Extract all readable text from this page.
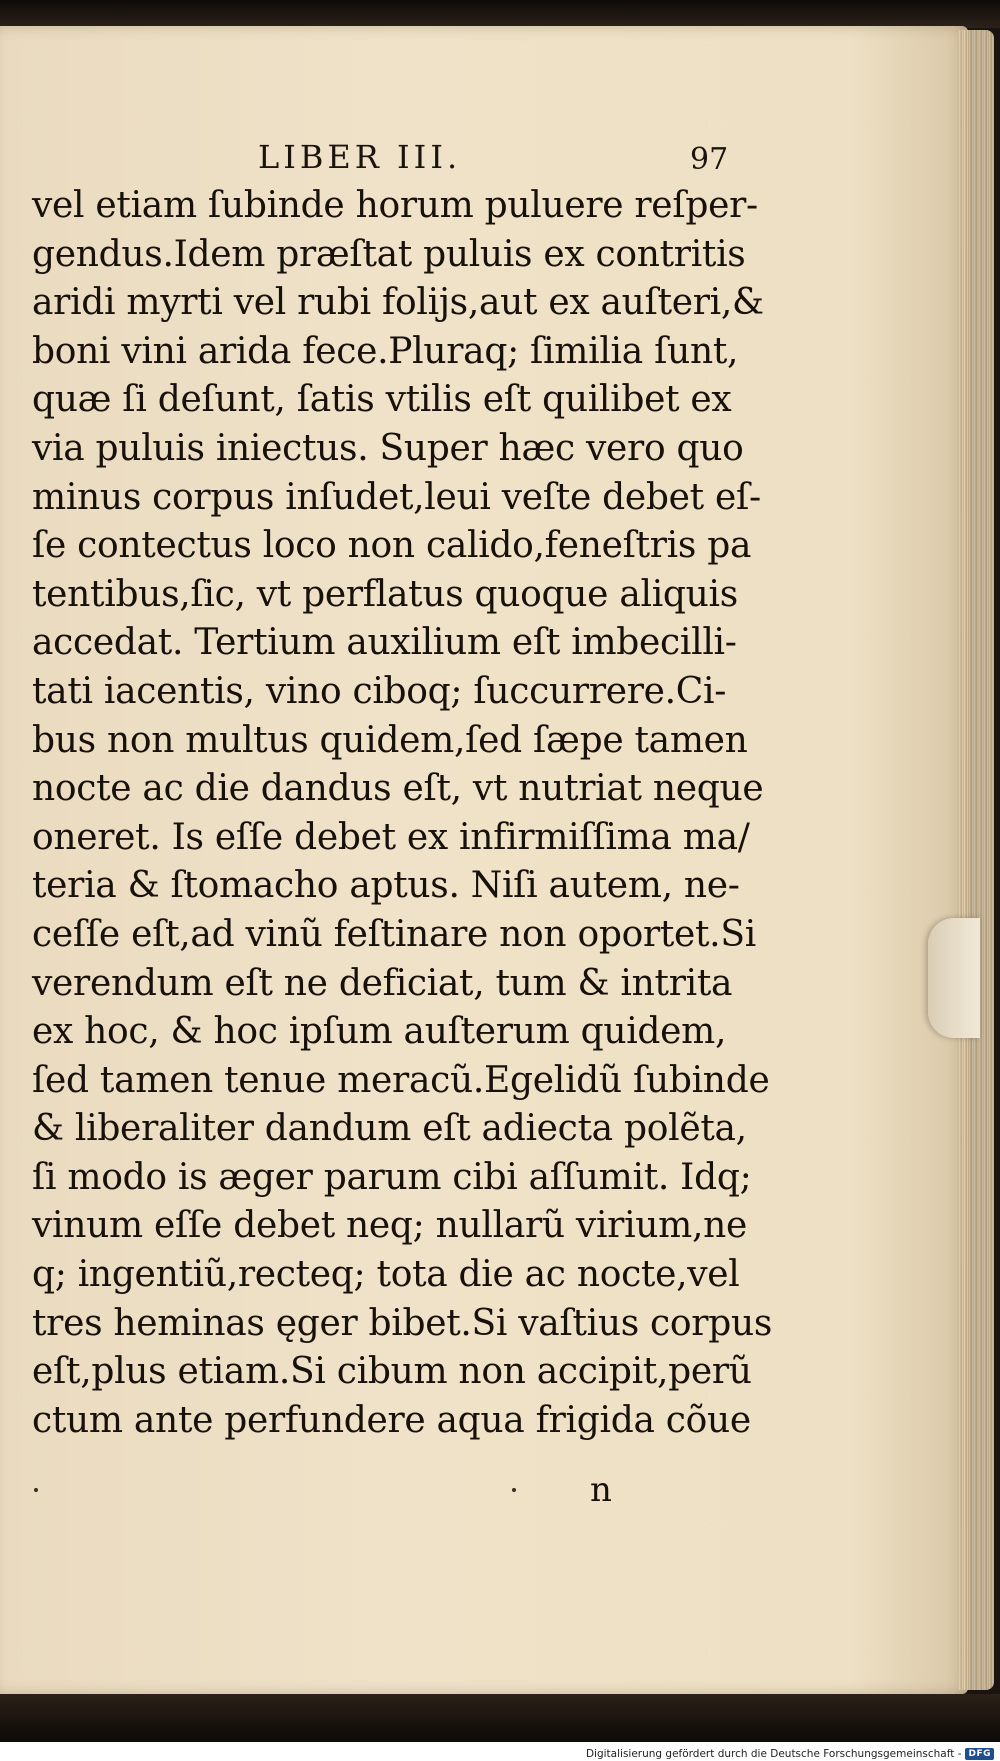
LIBER III.	97
vel etiam ſubinde horum puluere reſper-
gendus.Idem præſtat puluis ex contritis
aridi myrti vel rubi folijs,aut ex auſteri,&
boni vini arida fece.Pluraq; ſimilia ſunt,
quæ ſi deſunt, ſatis vtilis eſt quilibet ex
via puluis iniectus. Super hæc vero quo
minus corpus inſudet,leui veſte debet eſ-
ſe contectus loco non calido,feneſtris pa
tentibus,ſic, vt perflatus quoque aliquis
accedat. Tertium auxilium eſt imbecilli-
tati iacentis, vino ciboq; ſuccurrere.Ci-
bus non multus quidem,ſed ſæpe tamen
nocte ac die dandus eſt, vt nutriat neque
oneret. Is eſſe debet ex infirmiſſima ma/
teria & ſtomacho aptus. Niſi autem, ne-
ceſſe eſt,ad vinũ feſtinare non oportet.Si
verendum eſt ne deficiat, tum & intrita
ex hoc, & hoc ipſum auſterum quidem,
ſed tamen tenue meracũ.Egelidũ ſubinde
& liberaliter dandum eſt adiecta polẽta,
ſi modo is æger parum cibi aſſumit. Idq;
vinum eſſe debet neq; nullarũ virium,ne
q; ingentiũ,recteq; tota die ac nocte,vel
tres heminas ęger bibet.Si vaſtius corpus
eſt,plus etiam.Si cibum non accipit,perũ
ctum ante perfundere aqua frigida cõue
n
Digitalisierung gefördert durch die Deutsche Forschungsgemeinschaft - DFG
